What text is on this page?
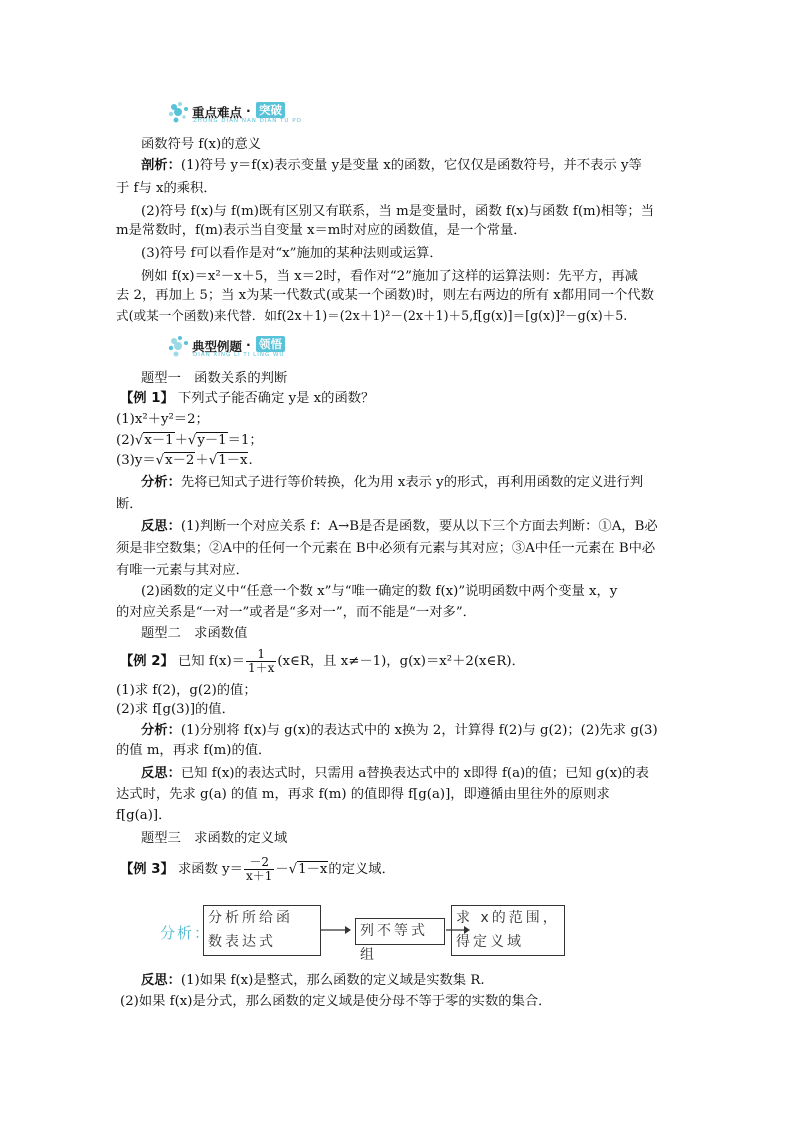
重点难点 · 突破
ZHONG DIAN NAN DIAN TU PO
函数符号 f(x)的意义
剖析：(1)符号 y＝f(x)表示变量 y是变量 x的函数，它仅仅是函数符号，并不表示 y等
于 f与 x的乘积．
(2)符号 f(x)与 f(m)既有区别又有联系，当 m是变量时，函数 f(x)与函数 f(m)相等；当
m是常数时，f(m)表示当自变量 x＝m时对应的函数值，是一个常量．
(3)符号 f可以看作是对“x”施加的某种法则或运算．
例如 f(x)＝x²－x＋5，当 x＝2时，看作对“2”施加了这样的运算法则：先平方，再减
去 2，再加上 5；当 x为某一代数式(或某一个函数)时，则左右两边的所有 x都用同一个代数
式(或某一个函数)来代替．如f(2x＋1)＝(2x＋1)²－(2x＋1)＋5,f[g(x)]＝[g(x)]²－g(x)＋5.
典型例题 · 领悟
DIAN XING LI TI LING WU
题型一　函数关系的判断
【例 1】 下列式子能否确定 y是 x的函数？
(1)x²＋y²＝2；
(2)√x－1＋√y－1＝1；
(3)y＝√x－2＋√1－x.
分析：先将已知式子进行等价转换，化为用 x表示 y的形式，再利用函数的定义进行判
断．
反思：(1)判断一个对应关系 f：A→B是否是函数，要从以下三个方面去判断：①A，B必
须是非空数集；②A中的任何一个元素在 B中必须有元素与其对应；③A中任一元素在 B中必
有唯一元素与其对应．
(2)函数的定义中“任意一个数 x”与“唯一确定的数 f(x)”说明函数中两个变量 x，y
的对应关系是“一对一”或者是“多对一”，而不能是“一对多”．
题型二　求函数值
【例 2】 已知 $f(x)= \frac{1}{1+x}$ (x∈R，且 x≠－1)，g(x)＝x²＋2(x∈R)．
(1)求 f(2)，g(2)的值；
(2)求 f[g(3)]的值．
分析：(1)分别将 f(x)与 g(x)的表达式中的 x换为 2，计算得 f(2)与 g(2)；(2)先求 g(3)
的值 m，再求 f(m)的值．
反思：已知 f(x)的表达式时，只需用 a替换表达式中的 x即得 f(a)的值；已知 g(x)的表
达式时，先求 g(a) 的值 m，再求 f(m) 的值即得 f[g(a)]，即遵循由里往外的原则求
f[g(a)]．
题型三　求函数的定义域
【例 3】 求函数 $y= \frac{-2}{x+1} -√1-x$的定义域．
分析：
分析所给函
数表达式
列不等式组
求 x的范围，
得定义域
反思：(1)如果 f(x)是整式，那么函数的定义域是实数集 R.
(2)如果 f(x)是分式，那么函数的定义域是使分母不等于零的实数的集合．
